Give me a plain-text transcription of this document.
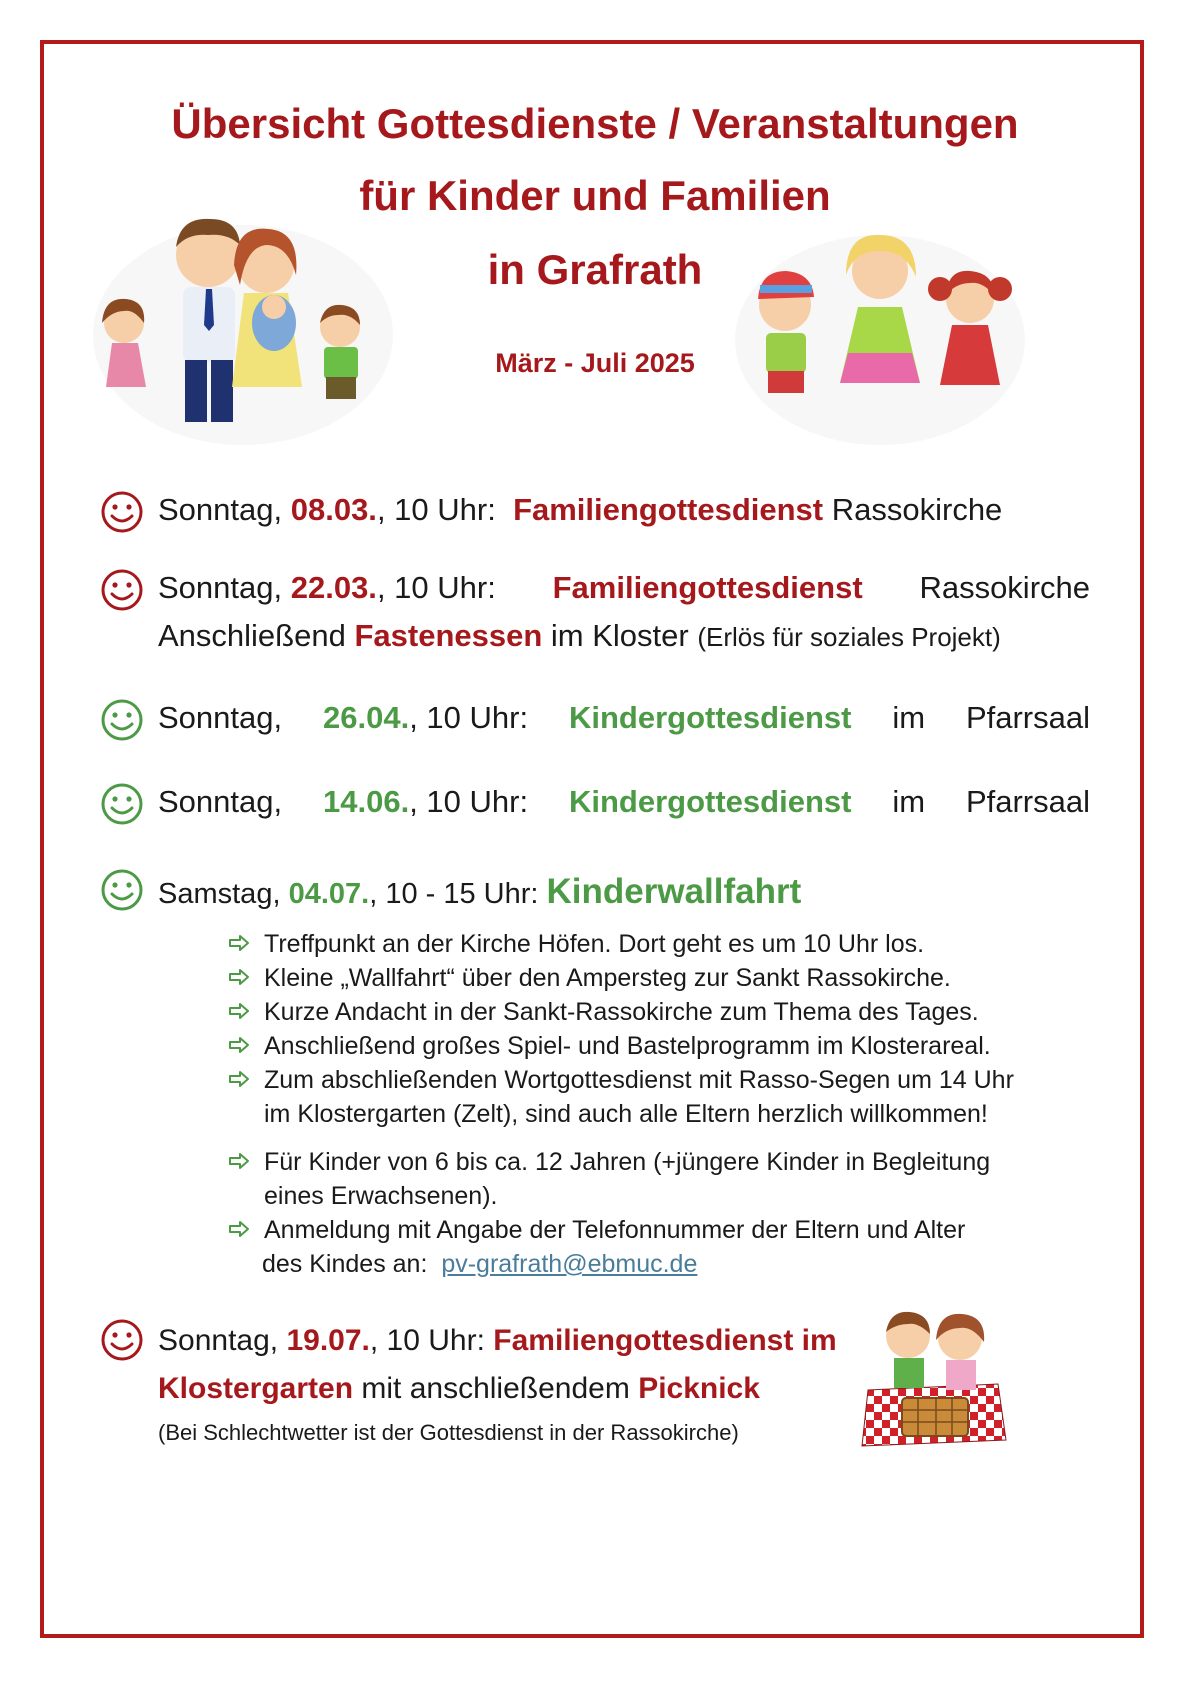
Übersicht Gottesdienste / Veranstaltungen
für Kinder und Familien
in Grafrath
März - Juli 2025
Sonntag, 08.03., 10 Uhr: Familiengottesdienst Rassokirche
Sonntag, 22.03., 10 Uhr: Familiengottesdienst Rassokirche
Anschließend Fastenessen im Kloster (Erlös für soziales Projekt)
Sonntag, 26.04., 10 Uhr: Kindergottesdienst im Pfarrsaal
Sonntag, 14.06., 10 Uhr: Kindergottesdienst im Pfarrsaal
Samstag, 04.07., 10 - 15 Uhr: Kinderwallfahrt
Treffpunkt an der Kirche Höfen. Dort geht es um 10 Uhr los.
Kleine „Wallfahrt“ über den Ampersteg zur Sankt Rassokirche.
Kurze Andacht in der Sankt-Rassokirche zum Thema des Tages.
Anschließend großes Spiel- und Bastelprogramm im Klosterareal.
Zum abschließenden Wortgottesdienst mit Rasso-Segen um 14 Uhr
im Klostergarten (Zelt), sind auch alle Eltern herzlich willkommen!
Für Kinder von 6 bis ca. 12 Jahren (+jüngere Kinder in Begleitung
eines Erwachsenen).
Anmeldung mit Angabe der Telefonnummer der Eltern und Alter
des Kindes an: pv-grafrath@ebmuc.de
Sonntag, 19.07., 10 Uhr: Familiengottesdienst im
Klostergarten mit anschließendem Picknick
(Bei Schlechtwetter ist der Gottesdienst in der Rassokirche)
